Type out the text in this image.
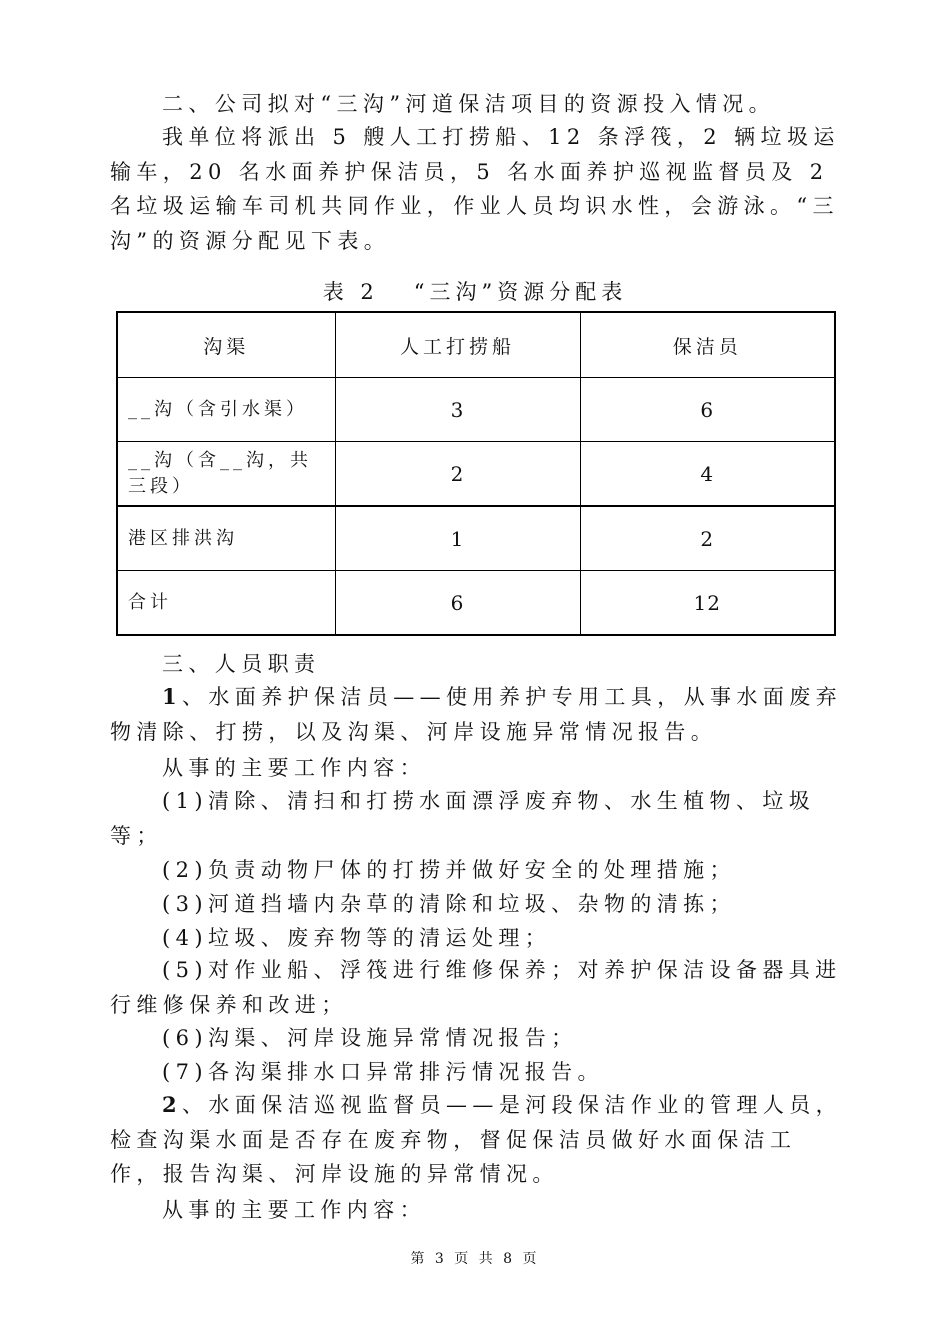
二、公司拟对“三沟”河道保洁项目的资源投入情况。

我单位将派出 5 艘人工打捞船、12 条浮筏，2 辆垃圾运输车，20 名水面养护保洁员，5 名水面养护巡视监督员及 2 名垃圾运输车司机共同作业，作业人员均识水性，会游泳。“三沟”的资源分配见下表。

表 2   “三沟”资源分配表
沟渠	人工打捞船	保洁员
__沟（含引水渠）	3	6
__沟（含__沟，共三段）	2	4
港区排洪沟	1	2
合计	6	12

三、人员职责

1、水面养护保洁员——使用养护专用工具，从事水面废弃物清除、打捞，以及沟渠、河岸设施异常情况报告。

从事的主要工作内容：

(1)清除、清扫和打捞水面漂浮废弃物、水生植物、垃圾等；

(2)负责动物尸体的打捞并做好安全的处理措施；

(3)河道挡墙内杂草的清除和垃圾、杂物的清拣；

(4)垃圾、废弃物等的清运处理；

(5)对作业船、浮筏进行维修保养；对养护保洁设备器具进行维修保养和改进；

(6)沟渠、河岸设施异常情况报告；

(7)各沟渠排水口异常排污情况报告。

2、水面保洁巡视监督员——是河段保洁作业的管理人员，检查沟渠水面是否存在废弃物，督促保洁员做好水面保洁工作，报告沟渠、河岸设施的异常情况。

从事的主要工作内容：

第 3 页 共 8 页
